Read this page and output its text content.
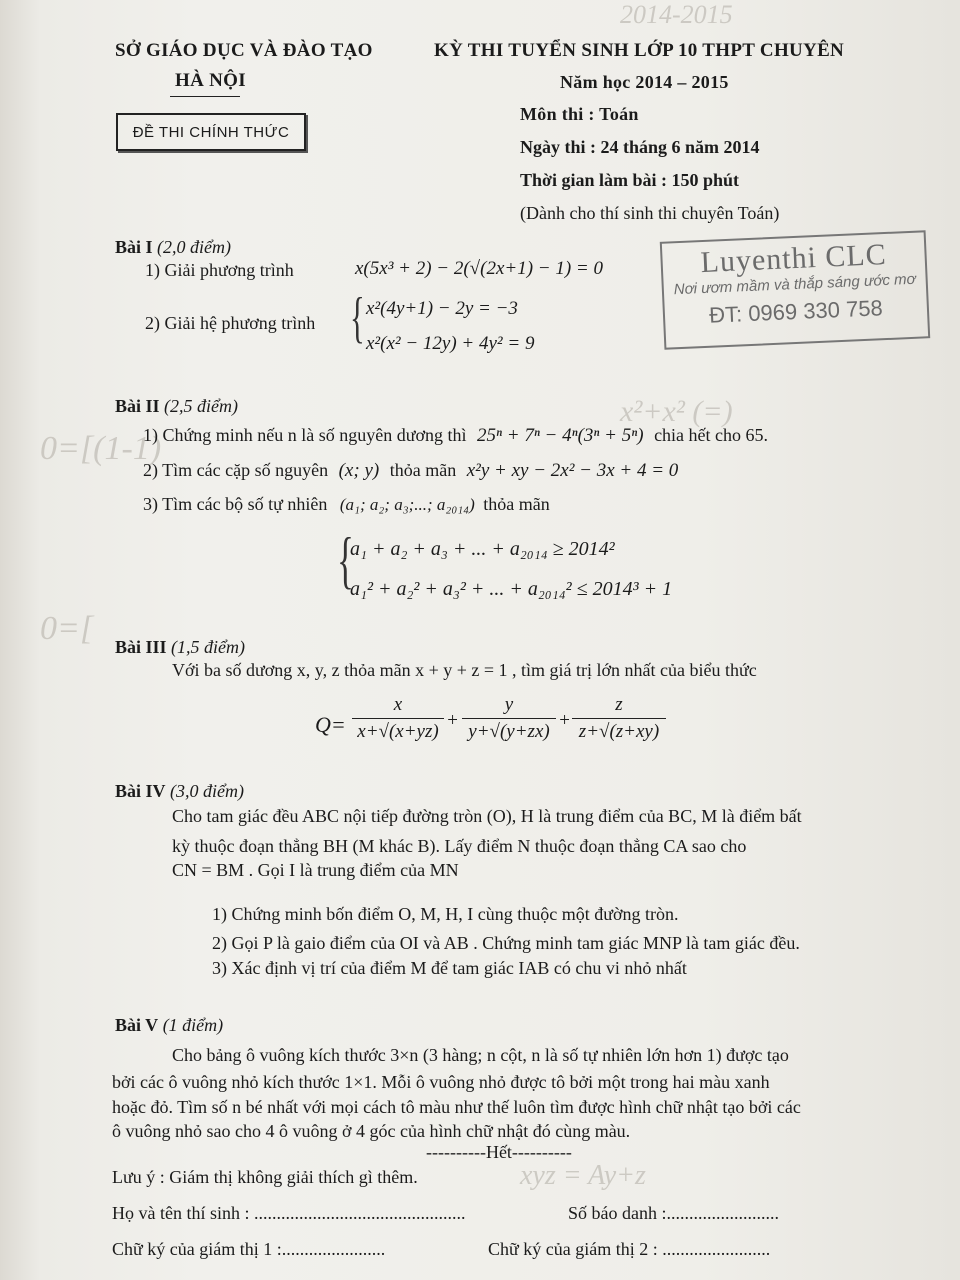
2014-2015
0=[(1-1)
0=[
x²+x² (=)
xyz = Ay+z
SỞ GIÁO DỤC VÀ ĐÀO TẠO
HÀ NỘI
ĐỀ THI CHÍNH THỨC
KỲ THI TUYỂN SINH LỚP 10 THPT CHUYÊN
Năm học 2014 – 2015
Môn thi : Toán
Ngày thi : 24 tháng 6 năm 2014
Thời gian làm bài : 150 phút
(Dành cho thí sinh thi chuyên Toán)
Luyenthi CLC
Nơi ươm mầm và thắp sáng ước mơ
ĐT: 0969 330 758
Bài I (2,0 điểm)
1) Giải phương trình	x(5x³ + 2) − 2(√(2x+1) − 1) = 0
2) Giải hệ phương trình { x²(4y+1) − 2y = −3
x²(x² − 12y) + 4y² = 9
Bài II (2,5 điểm)
1) Chứng minh nếu n là số nguyên dương thì 25ⁿ + 7ⁿ − 4ⁿ(3ⁿ + 5ⁿ) chia hết cho 65.
2) Tìm các cặp số nguyên (x; y) thỏa mãn x²y + xy − 2x² − 3x + 4 = 0
3) Tìm các bộ số tự nhiên (a₁; a₂; a₃;...; a₂₀₁₄) thỏa mãn
{
a₁ + a₂ + a₃ + ... + a₂₀₁₄ ≥ 2014²
a₁² + a₂² + a₃² + ... + a₂₀₁₄² ≤ 2014³ + 1
Bài III (1,5 điểm)
Với ba số dương x, y, z thỏa mãn x + y + z = 1 , tìm giá trị lớn nhất của biểu thức
$Q= \frac{x}{x+√(x+yz)} + \frac{y}{y+√(y+zx)} + \frac{z}{z+√(z+xy)}$
Bài IV (3,0 điểm)
Cho tam giác đều ABC nội tiếp đường tròn (O), H là trung điểm của BC, M là điểm bất
kỳ thuộc đoạn thẳng BH (M khác B). Lấy điểm N thuộc đoạn thẳng CA sao cho
CN = BM . Gọi I là trung điểm của MN
1) Chứng minh bốn điểm O, M, H, I cùng thuộc một đường tròn.
2) Gọi P là gaio điểm của OI và AB . Chứng minh tam giác MNP là tam giác đều.
3) Xác định vị trí của điểm M để tam giác IAB có chu vi nhỏ nhất
Bài V (1 điểm)
Cho bảng ô vuông kích thước 3×n (3 hàng; n cột, n là số tự nhiên lớn hơn 1) được tạo
bởi các ô vuông nhỏ kích thước 1×1. Mỗi ô vuông nhỏ được tô bởi một trong hai màu xanh
hoặc đỏ. Tìm số n bé nhất với mọi cách tô màu như thế luôn tìm được hình chữ nhật tạo bởi các
ô vuông nhỏ sao cho 4 ô vuông ở 4 góc của hình chữ nhật đó cùng màu.
----------Hết----------
Lưu ý : Giám thị không giải thích gì thêm.
Họ và tên thí sinh : ...............................................	Số báo danh :.........................
Chữ ký của giám thị 1 :.......................	Chữ ký của giám thị 2 : ........................
